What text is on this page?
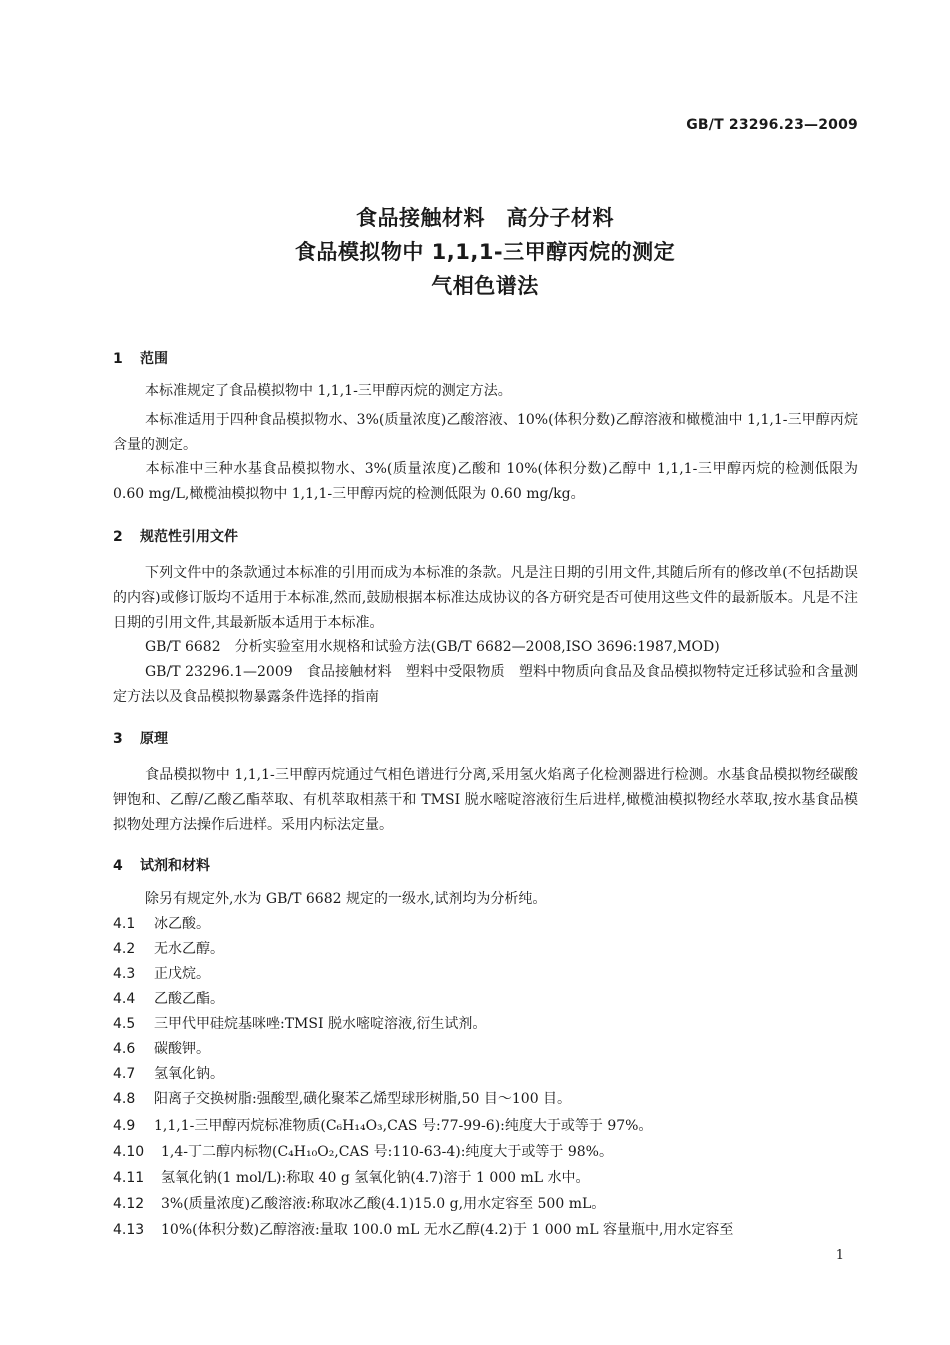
GB/T 23296.23—2009
食品接触材料　高分子材料
食品模拟物中 1,1,1-三甲醇丙烷的测定
气相色谱法
1 范围
本标准规定了食品模拟物中 1,1,1-三甲醇丙烷的测定方法。
本标准适用于四种食品模拟物水、3%(质量浓度)乙酸溶液、10%(体积分数)乙醇溶液和橄榄油中 1,1,1-三甲醇丙烷含量的测定。
本标准中三种水基食品模拟物水、3%(质量浓度)乙酸和 10%(体积分数)乙醇中 1,1,1-三甲醇丙烷的检测低限为 0.60 mg/L,橄榄油模拟物中 1,1,1-三甲醇丙烷的检测低限为 0.60 mg/kg。
2 规范性引用文件
下列文件中的条款通过本标准的引用而成为本标准的条款。凡是注日期的引用文件,其随后所有的修改单(不包括勘误的内容)或修订版均不适用于本标准,然而,鼓励根据本标准达成协议的各方研究是否可使用这些文件的最新版本。凡是不注日期的引用文件,其最新版本适用于本标准。
GB/T 6682　分析实验室用水规格和试验方法(GB/T 6682—2008,ISO 3696:1987,MOD)
GB/T 23296.1—2009　食品接触材料　塑料中受限物质　塑料中物质向食品及食品模拟物特定迁移试验和含量测定方法以及食品模拟物暴露条件选择的指南
3 原理
食品模拟物中 1,1,1-三甲醇丙烷通过气相色谱进行分离,采用氢火焰离子化检测器进行检测。水基食品模拟物经碳酸钾饱和、乙醇/乙酸乙酯萃取、有机萃取相蒸干和 TMSI 脱水嘧啶溶液衍生后进样,橄榄油模拟物经水萃取,按水基食品模拟物处理方法操作后进样。采用内标法定量。
4 试剂和材料
除另有规定外,水为 GB/T 6682 规定的一级水,试剂均为分析纯。
4.1 冰乙酸。
4.2 无水乙醇。
4.3 正戊烷。
4.4 乙酸乙酯。
4.5 三甲代甲硅烷基咪唑:TMSI 脱水嘧啶溶液,衍生试剂。
4.6 碳酸钾。
4.7 氢氧化钠。
4.8 阳离子交换树脂:强酸型,磺化聚苯乙烯型球形树脂,50 目～100 目。
4.9 1,1,1-三甲醇丙烷标准物质(C₆H₁₄O₃,CAS 号:77-99-6):纯度大于或等于 97%。
4.10 1,4-丁二醇内标物(C₄H₁₀O₂,CAS 号:110-63-4):纯度大于或等于 98%。
4.11 氢氧化钠(1 mol/L):称取 40 g 氢氧化钠(4.7)溶于 1 000 mL 水中。
4.12 3%(质量浓度)乙酸溶液:称取冰乙酸(4.1)15.0 g,用水定容至 500 mL。
4.13 10%(体积分数)乙醇溶液:量取 100.0 mL 无水乙醇(4.2)于 1 000 mL 容量瓶中,用水定容至
1
